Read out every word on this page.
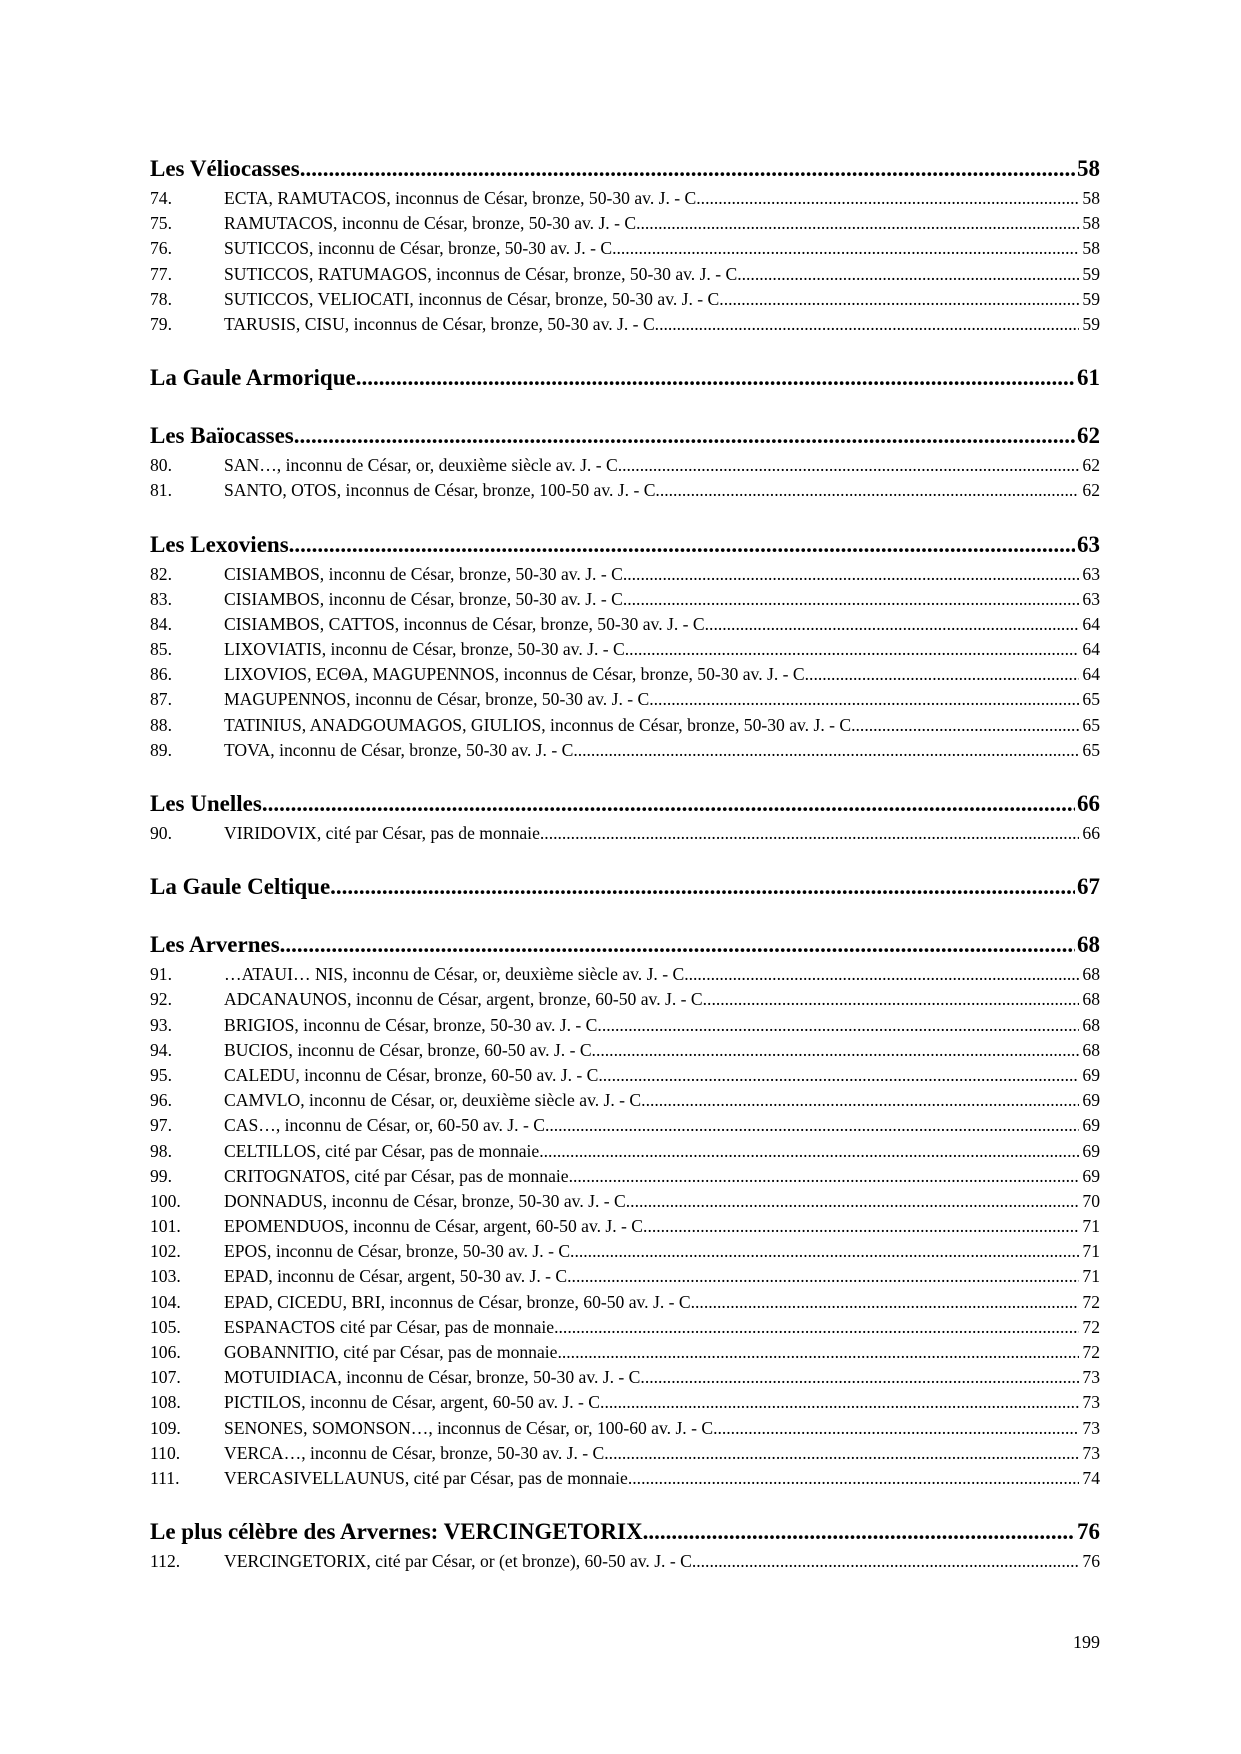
Les Véliocasses .....	58
74.	ECTA, RAMUTACOS, inconnus de César, bronze, 50-30 av. J. - C. .....	58
75.	RAMUTACOS, inconnu de César, bronze, 50-30 av. J. - C. .....	58
76.	SUTICCOS, inconnu de César, bronze, 50-30 av. J. - C. .....	58
77.	SUTICCOS, RATUMAGOS, inconnus de César, bronze, 50-30 av. J. - C. .....	59
78.	SUTICCOS, VELIOCATI, inconnus de César, bronze, 50-30 av. J. - C. .....	59
79.	TARUSIS, CISU, inconnus de César, bronze, 50-30 av. J. - C. .....	59
La Gaule Armorique .....	61
Les Baïocasses .....	62
80.	SAN…, inconnu de César, or, deuxième siècle av. J. - C. .....	62
81.	SANTO, OTOS, inconnus de César, bronze, 100-50 av. J. - C. .....	62
Les Lexoviens .....	63
82.	CISIAMBOS, inconnu de César, bronze, 50-30 av. J. - C. .....	63
83.	CISIAMBOS, inconnu de César, bronze, 50-30 av. J. - C. .....	63
84.	CISIAMBOS, CATTOS, inconnus de César, bronze, 50-30 av. J. - C. .....	64
85.	LIXOVIATIS, inconnu de César, bronze, 50-30 av. J. - C. .....	64
86.	LIXOVIOS, ECΘA, MAGUPENNOS, inconnus de César, bronze, 50-30 av. J. - C. .....	64
87.	MAGUPENNOS, inconnu de César, bronze, 50-30 av. J. - C. .....	65
88.	TATINIUS, ANADGOUMAGOS, GIULIOS, inconnus de César, bronze, 50-30 av. J. - C. .....	65
89.	TOVA, inconnu de César, bronze, 50-30 av. J. - C. .....	65
Les Unelles .....	66
90.	VIRIDOVIX, cité par César, pas de monnaie .....	66
La Gaule Celtique .....	67
Les Arvernes .....	68
91.	…ATAUI… NIS, inconnu de César, or, deuxième siècle av. J. - C. .....	68
92.	ADCANAUNOS, inconnu de César, argent, bronze, 60-50 av. J. - C. .....	68
93.	BRIGIOS, inconnu de César, bronze, 50-30 av. J. - C. .....	68
94.	BUCIOS, inconnu de César, bronze, 60-50 av. J. - C. .....	68
95.	CALEDU, inconnu de César, bronze, 60-50 av. J. - C. .....	69
96.	CAMVLO, inconnu de César, or, deuxième siècle av. J. - C. .....	69
97.	CAS…, inconnu de César, or, 60-50 av. J. - C. .....	69
98.	CELTILLOS, cité par César, pas de monnaie .....	69
99.	CRITOGNATOS, cité par César, pas de monnaie .....	69
100.	DONNADUS, inconnu de César, bronze, 50-30 av. J. - C. .....	70
101.	EPOMENDUOS, inconnu de César, argent, 60-50 av. J. - C. .....	71
102.	EPOS, inconnu de César, bronze, 50-30 av. J. - C. .....	71
103.	EPAD, inconnu de César, argent, 50-30 av. J. - C. .....	71
104.	EPAD, CICEDU, BRI, inconnus de César, bronze, 60-50 av. J. - C. .....	72
105.	ESPANACTOS cité par César, pas de monnaie .....	72
106.	GOBANNITIO, cité par César, pas de monnaie .....	72
107.	MOTUIDIACA, inconnu de César, bronze, 50-30 av. J. - C. .....	73
108.	PICTILOS, inconnu de César, argent, 60-50 av. J. - C. .....	73
109.	SENONES, SOMONSON…, inconnus de César, or, 100-60 av. J. - C. .....	73
110.	VERCA…, inconnu de César, bronze, 50-30 av. J. - C. .....	73
111.	VERCASIVELLAUNUS, cité par César, pas de monnaie .....	74
Le plus célèbre des Arvernes: VERCINGETORIX .....	76
112.	VERCINGETORIX, cité par César, or (et bronze), 60-50 av. J. - C. .....	76
199
